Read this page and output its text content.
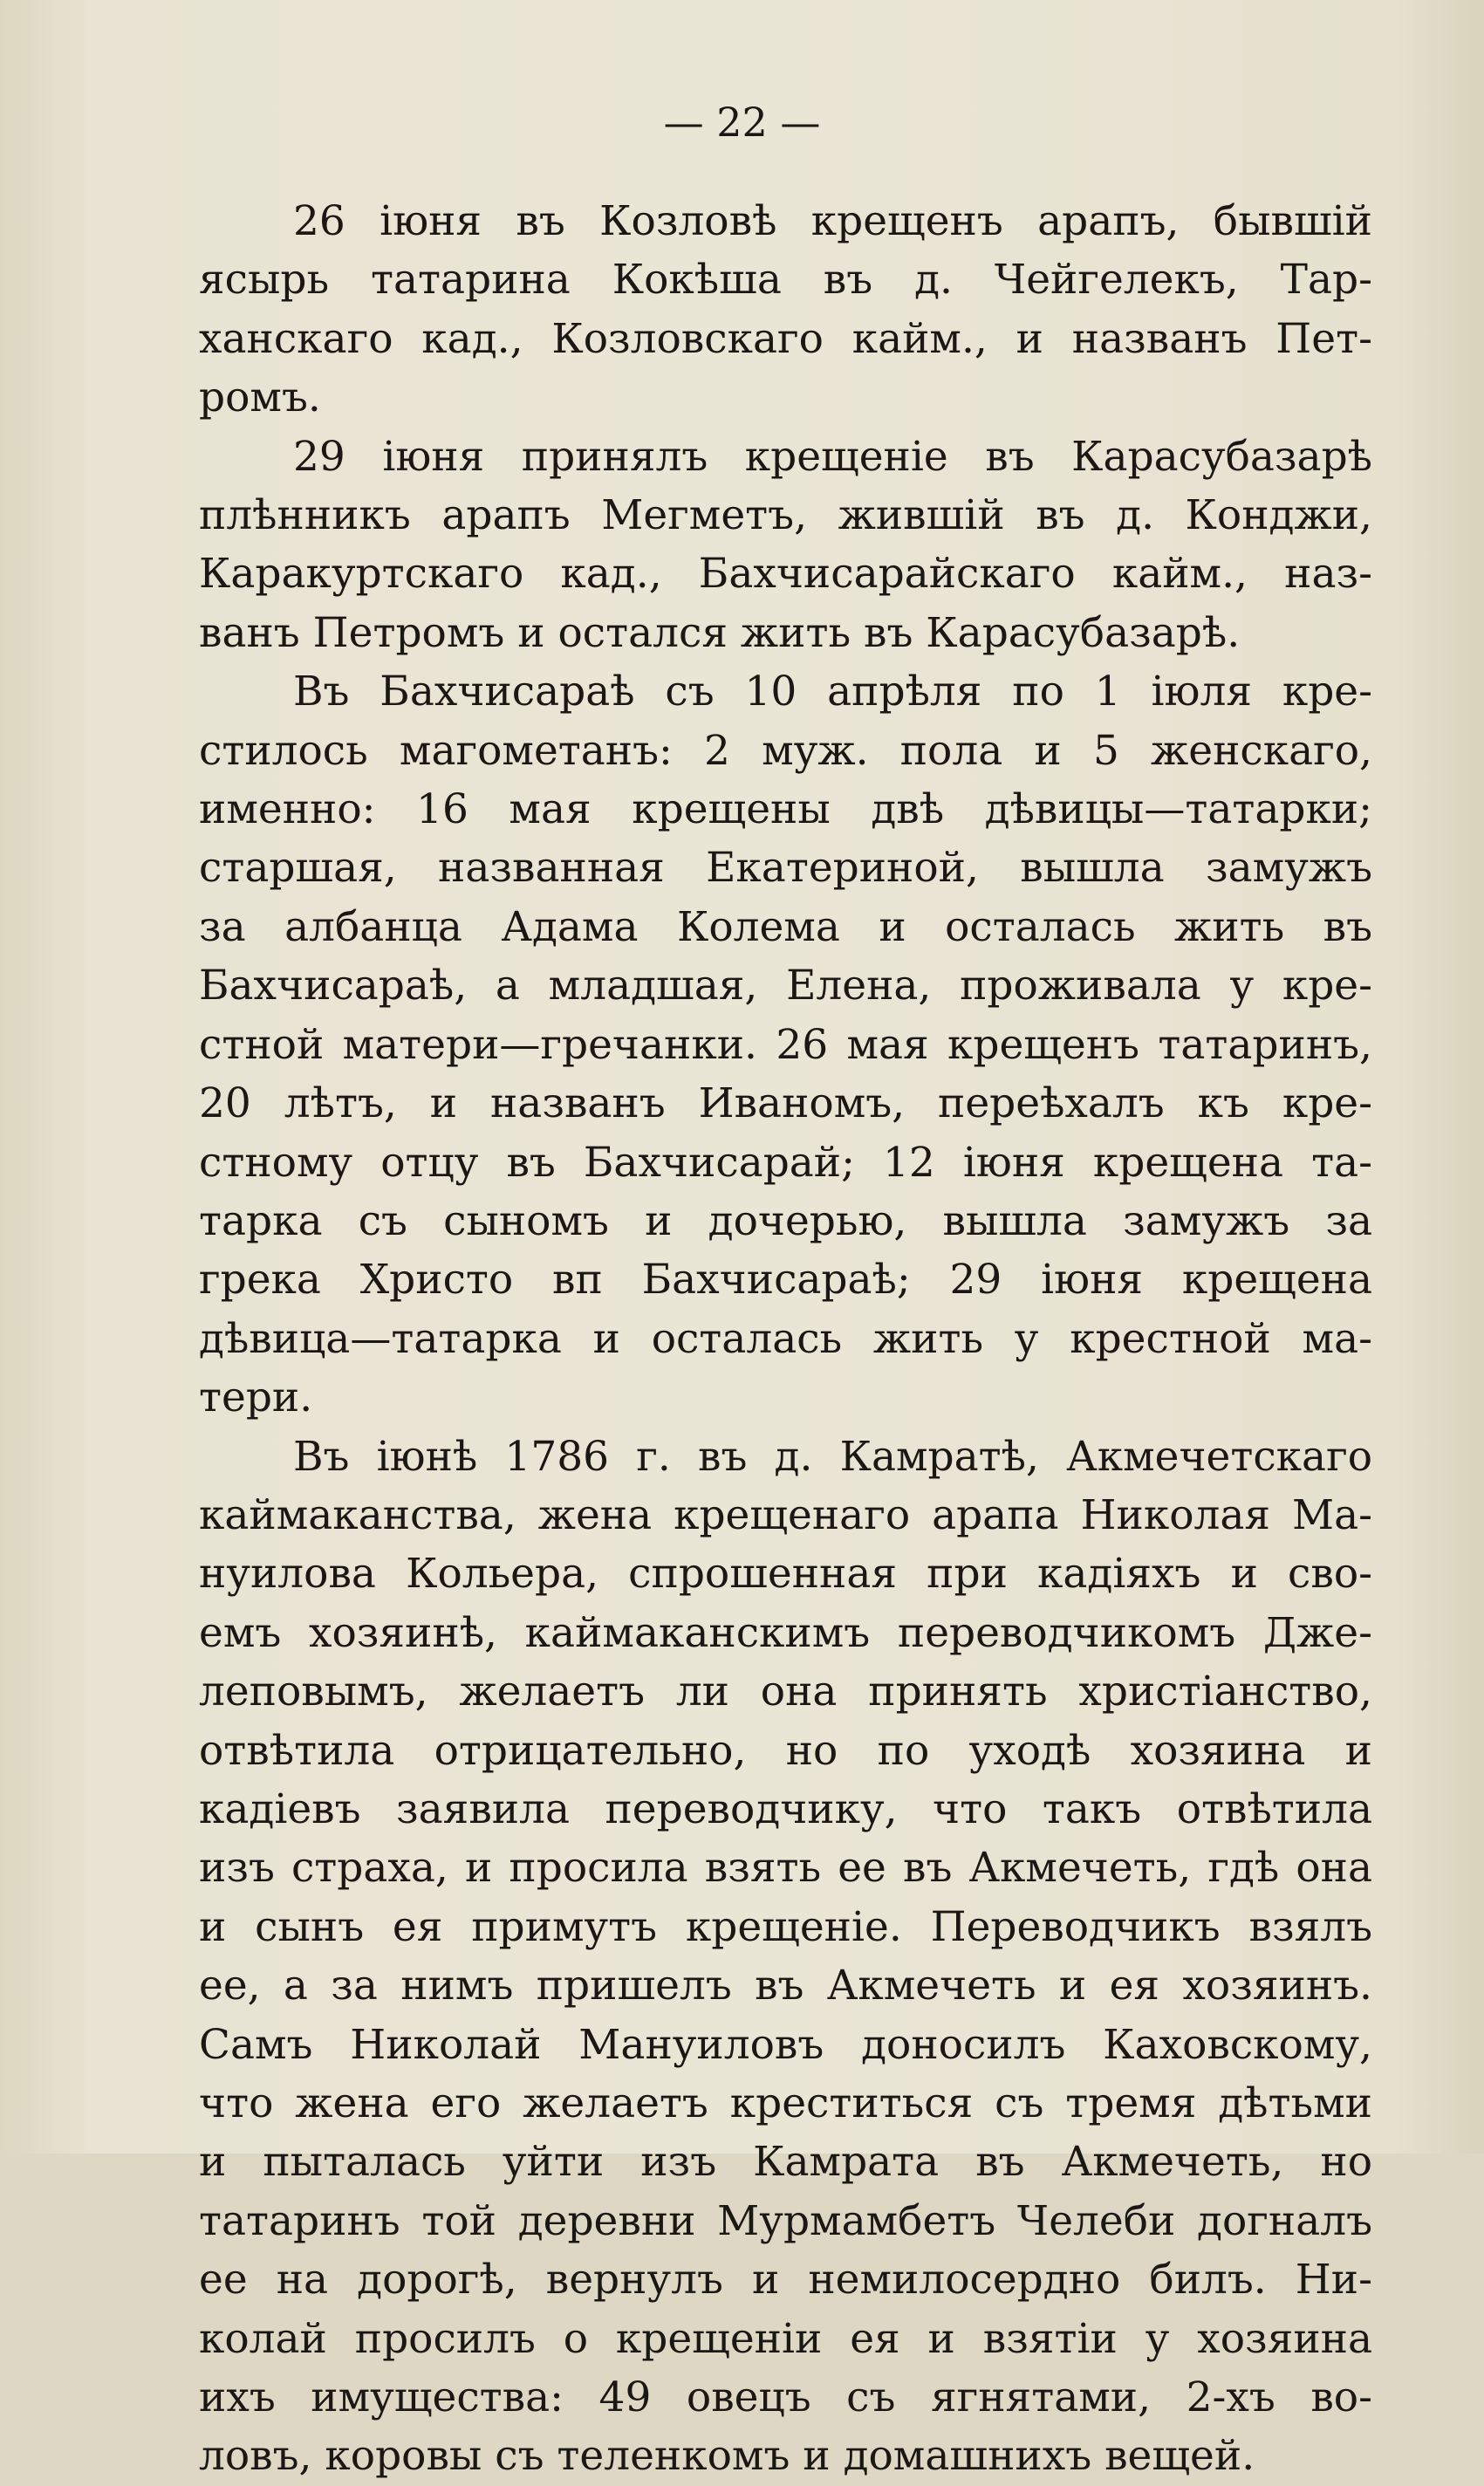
— 22 —

26 іюня въ Козловѣ крещенъ арапъ, бывшій
ясырь татарина Кокѣша въ д. Чейгелекъ, Тар-
ханскаго кад., Козловскаго кайм., и названъ Пет-
ромъ.

29 іюня принялъ крещеніе въ Карасубазарѣ
плѣнникъ арапъ Мегметъ, жившій въ д. Конджи,
Каракуртскаго кад., Бахчисарайскаго кайм., наз-
ванъ Петромъ и остался жить въ Карасубазарѣ.

Въ Бахчисараѣ съ 10 апрѣля по 1 іюля кре-
стилось магометанъ: 2 муж. пола и 5 женскаго,
именно: 16 мая крещены двѣ дѣвицы—татарки;
старшая, названная Екатериной, вышла замужъ
за албанца Адама Колема и осталась жить въ
Бахчисараѣ, а младшая, Елена, проживала у кре-
стной матери—гречанки. 26 мая крещенъ татаринъ,
20 лѣтъ, и названъ Иваномъ, переѣхалъ къ кре-
стному отцу въ Бахчисарай; 12 іюня крещена та-
тарка съ сыномъ и дочерью, вышла замужъ за
грека Христо вп Бахчисараѣ; 29 іюня крещена
дѣвица—татарка и осталась жить у крестной ма-
тери.

Въ іюнѣ 1786 г. въ д. Камратѣ, Акмечетскаго
каймаканства, жена крещенаго арапа Николая Ма-
нуилова Кольера, спрошенная при кадіяхъ и сво-
емъ хозяинѣ, каймаканскимъ переводчикомъ Дже-
леповымъ, желаетъ ли она принять христіанство,
отвѣтила отрицательно, но по уходѣ хозяина и
кадіевъ заявила переводчику, что такъ отвѣтила
изъ страха, и просила взять ее въ Акмечеть, гдѣ она
и сынъ ея примутъ крещеніе. Переводчикъ взялъ
ее, а за нимъ пришелъ въ Акмечеть и ея хозяинъ.
Самъ Николай Мануиловъ доносилъ Каховскому,
что жена его желаетъ креститься съ тремя дѣтьми
и пыталась уйти изъ Камрата въ Акмечеть, но
татаринъ той деревни Мурмамбетъ Челеби догналъ
ее на дорогѣ, вернулъ и немилосердно билъ. Ни-
колай просилъ о крещеніи ея и взятіи у хозяина
ихъ имущества: 49 овецъ съ ягнятами, 2-хъ во-
ловъ, коровы съ теленкомъ и домашнихъ вещей.
